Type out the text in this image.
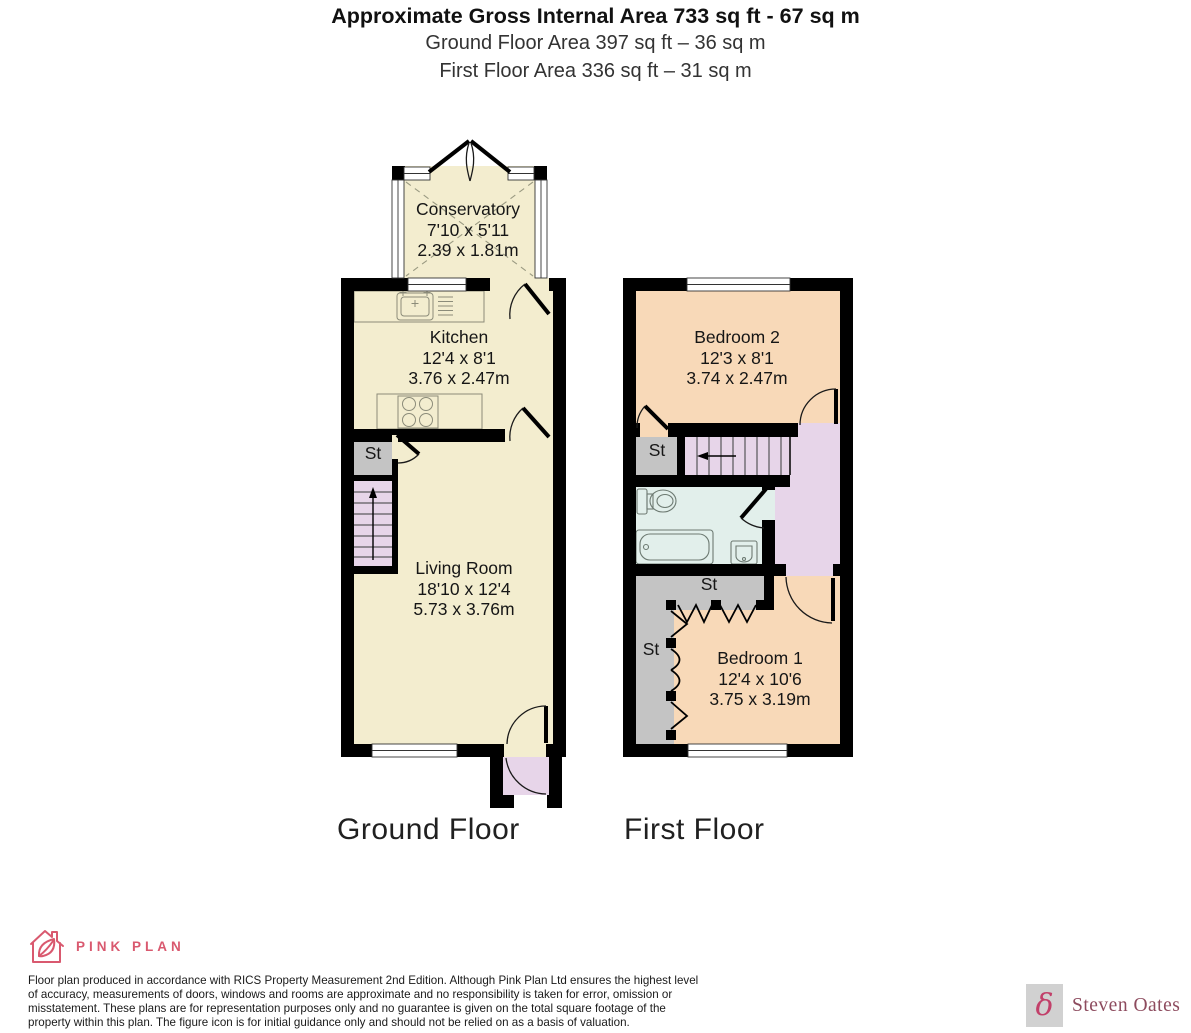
Approximate Gross Internal Area 733 sq ft - 67 sq m
Ground Floor Area 397 sq ft – 36 sq m
First Floor Area 336 sq ft – 31 sq m
Conservatory
7'10 x 5'11
2.39 x 1.81m
Kitchen
12'4 x 8'1
3.76 x 2.47m
Living Room
18'10 x 12'4
5.73 x 3.76m
St
Bedroom 2
12'3 x 8'1
3.74 x 2.47m
Bedroom 1
12'4 x 10'6
3.75 x 3.19m
St
St
St
Ground Floor	First Floor
PINK PLAN
Floor plan produced in accordance with RICS Property Measurement 2nd Edition. Although Pink Plan Ltd ensures the highest level of accuracy, measurements of doors, windows and rooms are approximate and no responsibility is taken for error, omission or misstatement. These plans are for representation purposes only and no guarantee is given on the total square footage of the property within this plan. The figure icon is for initial guidance only and should not be relied on as a basis of valuation.	δ Steven Oates
